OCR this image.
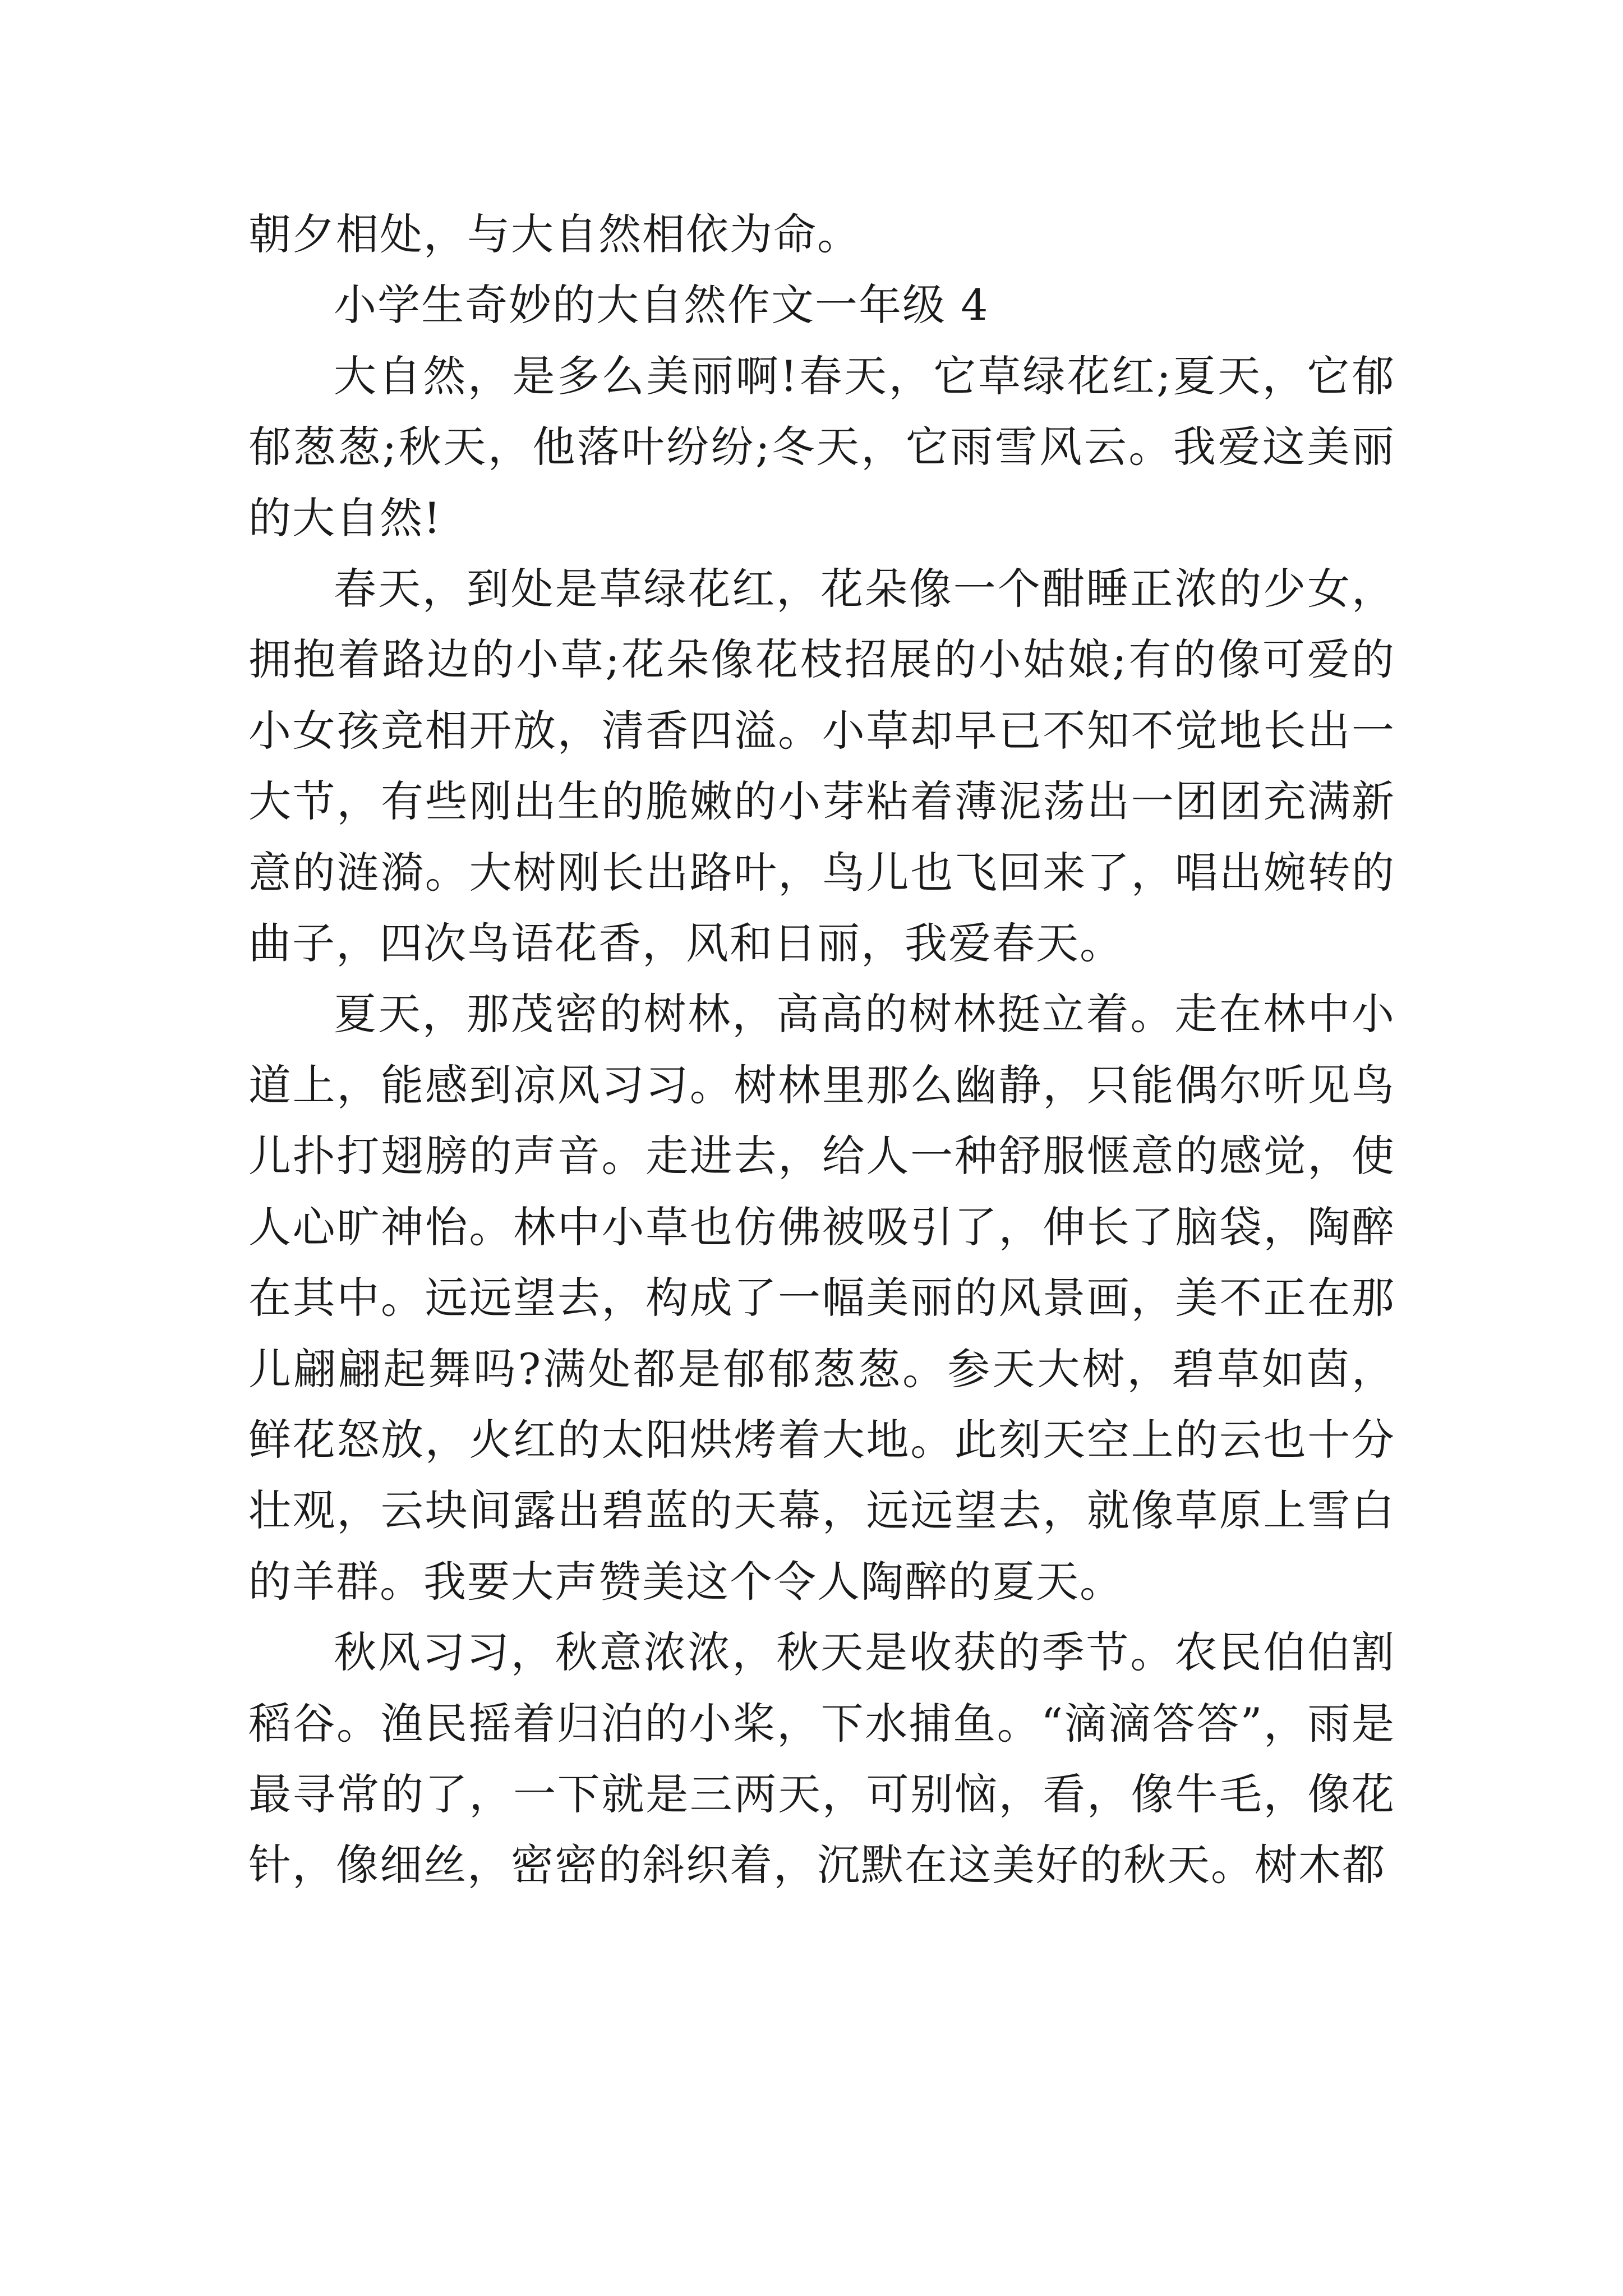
朝夕相处，与大自然相依为命。

小学生奇妙的大自然作文一年级 4

大自然，是多么美丽啊!春天，它草绿花红;夏天，它郁郁葱葱;秋天，他落叶纷纷;冬天，它雨雪风云。我爱这美丽的大自然!

春天，到处是草绿花红，花朵像一个酣睡正浓的少女，拥抱着路边的小草;花朵像花枝招展的小姑娘;有的像可爱的小女孩竞相开放，清香四溢。小草却早已不知不觉地长出一大节，有些刚出生的脆嫩的小芽粘着薄泥荡出一团团充满新意的涟漪。大树刚长出路叶，鸟儿也飞回来了，唱出婉转的曲子，四次鸟语花香，风和日丽，我爱春天。

夏天，那茂密的树林，高高的树林挺立着。走在林中小道上，能感到凉风习习。树林里那么幽静，只能偶尔听见鸟儿扑打翅膀的声音。走进去，给人一种舒服惬意的感觉，使人心旷神怡。林中小草也仿佛被吸引了，伸长了脑袋，陶醉在其中。远远望去，构成了一幅美丽的风景画，美不正在那儿翩翩起舞吗?满处都是郁郁葱葱。参天大树，碧草如茵，鲜花怒放，火红的太阳烘烤着大地。此刻天空上的云也十分壮观，云块间露出碧蓝的天幕，远远望去，就像草原上雪白的羊群。我要大声赞美这个令人陶醉的夏天。

秋风习习，秋意浓浓，秋天是收获的季节。农民伯伯割稻谷。渔民摇着归泊的小桨，下水捕鱼。“滴滴答答”，雨是最寻常的了，一下就是三两天，可别恼，看，像牛毛，像花针，像细丝，密密的斜织着，沉默在这美好的秋天。树木都
